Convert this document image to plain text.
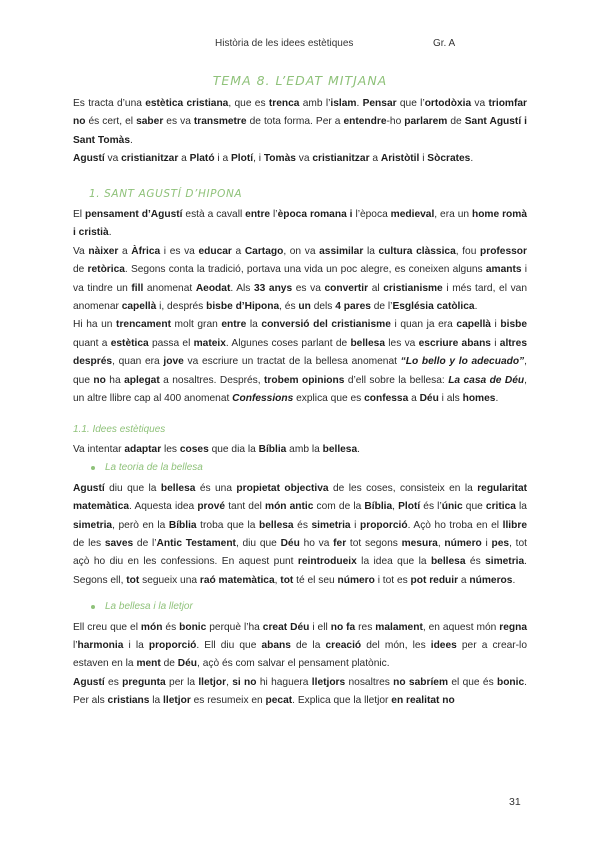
Història de les idees estètiques	Gr. A
TEMA 8. L’EDAT MITJANA

Es tracta d’una estètica cristiana, que es trenca amb l’islam. Pensar que l’ortodòxia va triomfar no és cert, el saber es va transmetre de tota forma. Per a entendre-ho parlarem de Sant Agustí i Sant Tomàs.

Agustí va cristianitzar a Plató i a Plotí, i Tomàs va cristianitzar a Aristòtil i Sòcrates.

1. SANT AGUSTÍ D’HIPONA

El pensament d’Agustí està a cavall entre l’època romana i l’època medieval, era un home romà i cristià.

Va nàixer a Àfrica i es va educar a Cartago, on va assimilar la cultura clàssica, fou professor de retòrica. Segons conta la tradició, portava una vida un poc alegre, es coneixen alguns amants i va tindre un fill anomenat Aeodat. Als 33 anys es va convertir al cristianisme i més tard, el van anomenar capellà i, després bisbe d’Hipona, és un dels 4 pares de l’Església catòlica.

Hi ha un trencament molt gran entre la conversió del cristianisme i quan ja era capellà i bisbe quant a estètica passa el mateix. Algunes coses parlant de bellesa les va escriure abans i altres després, quan era jove va escriure un tractat de la bellesa anomenat “Lo bello y lo adecuado”, que no ha aplegat a nosaltres. Després, trobem opinions d’ell sobre la bellesa: La casa de Déu, un altre llibre cap al 400 anomenat Confessions explica que es confessa a Déu i als homes.

1.1. Idees estètiques

Va intentar adaptar les coses que dia la Bíblia amb la bellesa.

La teoria de la bellesa

Agustí diu que la bellesa és una propietat objectiva de les coses, consisteix en la regularitat matemàtica. Aquesta idea prové tant del món antic com de la Bíblia, Plotí és l’únic que critica la simetria, però en la Bíblia troba que la bellesa és simetria i proporció. Açò ho troba en el llibre de les saves de l’Antic Testament, diu que Déu ho va fer tot segons mesura, número i pes, tot açò ho diu en les confessions. En aquest punt reintrodueix la idea que la bellesa és simetria. Segons ell, tot segueix una raó matemàtica, tot té el seu número i tot es pot reduir a números.

La bellesa i la lletjor

Ell creu que el món és bonic perquè l’ha creat Déu i ell no fa res malament, en aquest món regna l’harmonia i la proporció. Ell diu que abans de la creació del món, les idees per a crear-lo estaven en la ment de Déu, açò és com salvar el pensament platònic.

Agustí es pregunta per la lletjor, si no hi haguera lletjors nosaltres no sabríem el que és bonic. Per als cristians la lletjor es resumeix en pecat. Explica que la lletjor en realitat no

31
